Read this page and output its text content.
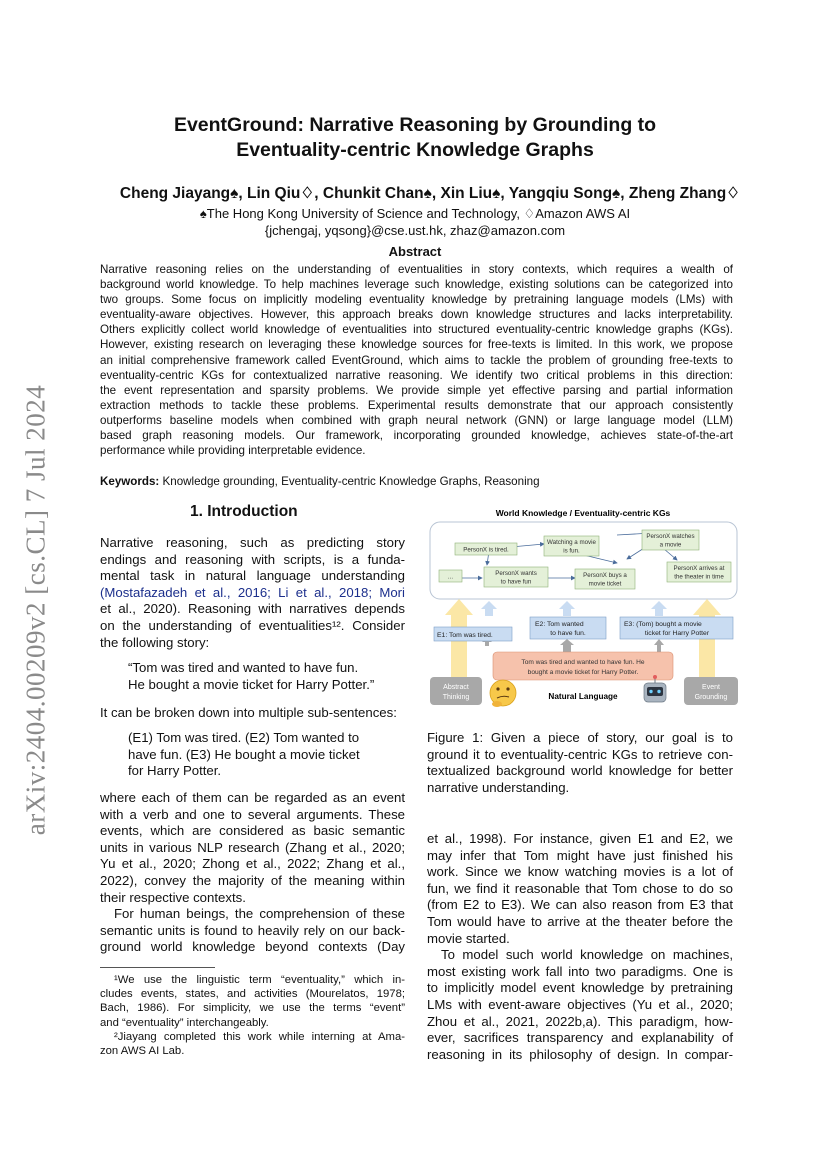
arXiv:2404.00209v2 [cs.CL] 7 Jul 2024
EventGround: Narrative Reasoning by Grounding to
Eventuality-centric Knowledge Graphs
Cheng Jiayang♠, Lin Qiu♢, Chunkit Chan♠, Xin Liu♠, Yangqiu Song♠, Zheng Zhang♢
♠The Hong Kong University of Science and Technology, ♢Amazon AWS AI
{jchengaj, yqsong}@cse.ust.hk, zhaz@amazon.com
Abstract
Narrative reasoning relies on the understanding of eventualities in story contexts, which requires a wealth of
background world knowledge. To help machines leverage such knowledge, existing solutions can be categorized into
two groups. Some focus on implicitly modeling eventuality knowledge by pretraining language models (LMs) with
eventuality-aware objectives. However, this approach breaks down knowledge structures and lacks interpretability.
Others explicitly collect world knowledge of eventualities into structured eventuality-centric knowledge graphs (KGs).
However, existing research on leveraging these knowledge sources for free-texts is limited. In this work, we propose
an initial comprehensive framework called EventGround, which aims to tackle the problem of grounding free-texts to
eventuality-centric KGs for contextualized narrative reasoning. We identify two critical problems in this direction:
the event representation and sparsity problems. We provide simple yet effective parsing and partial information
extraction methods to tackle these problems. Experimental results demonstrate that our approach consistently
outperforms baseline models when combined with graph neural network (GNN) or large language model (LLM)
based graph reasoning models. Our framework, incorporating grounded knowledge, achieves state-of-the-art
performance while providing interpretable evidence.
Keywords: Knowledge grounding, Eventuality-centric Knowledge Graphs, Reasoning
1. Introduction
Narrative reasoning, such as predicting story
endings and reasoning with scripts, is a funda-
mental task in natural language understanding
(Mostafazadeh et al., 2016; Li et al., 2018; Mori
et al., 2020). Reasoning with narratives depends
on the understanding of eventualities¹². Consider
the following story:
“Tom was tired and wanted to have fun.
He bought a movie ticket for Harry Potter.”
It can be broken down into multiple sub-sentences:
(E1) Tom was tired. (E2) Tom wanted to
have fun. (E3) He bought a movie ticket
for Harry Potter.
where each of them can be regarded as an event
with a verb and one to several arguments. These
events, which are considered as basic semantic
units in various NLP research (Zhang et al., 2020;
Yu et al., 2020; Zhong et al., 2022; Zhang et al.,
2022), convey the majority of the meaning within
their respective contexts.
For human beings, the comprehension of these
semantic units is found to heavily rely on our back-
ground world knowledge beyond contexts (Day
¹We use the linguistic term “eventuality,” which in-
cludes events, states, and activities (Mourelatos, 1978;
Bach, 1986). For simplicity, we use the terms “event”
and “eventuality” interchangeably.
²Jiayang completed this work while interning at Ama-
zon AWS AI Lab.
World Knowledge / Eventuality-centric KGs
PersonX is tired.
Watching a movie
is fun.
PersonX watches
a movie
...	PersonX wants
to have fun
PersonX buys a
movie ticket
PersonX arrives at
the theater in time
E1: Tom was tired.
E2: Tom wanted
to have fun.
E3: (Tom) bought a movie
ticket for Harry Potter
Tom was tired and wanted to have fun. He
bought a movie ticket for Harry Potter.
Abstract
Thinking
Event
Grounding
Natural Language
Figure 1: Given a piece of story, our goal is to
ground it to eventuality-centric KGs to retrieve con-
textualized background world knowledge for better
narrative understanding.
et al., 1998). For instance, given E1 and E2, we
may infer that Tom might have just finished his
work. Since we know watching movies is a lot of
fun, we find it reasonable that Tom chose to do so
(from E2 to E3). We can also reason from E3 that
Tom would have to arrive at the theater before the
movie started.
To model such world knowledge on machines,
most existing work fall into two paradigms. One is
to implicitly model event knowledge by pretraining
LMs with event-aware objectives (Yu et al., 2020;
Zhou et al., 2021, 2022b,a). This paradigm, how-
ever, sacrifices transparency and explanability of
reasoning in its philosophy of design. In compar-
